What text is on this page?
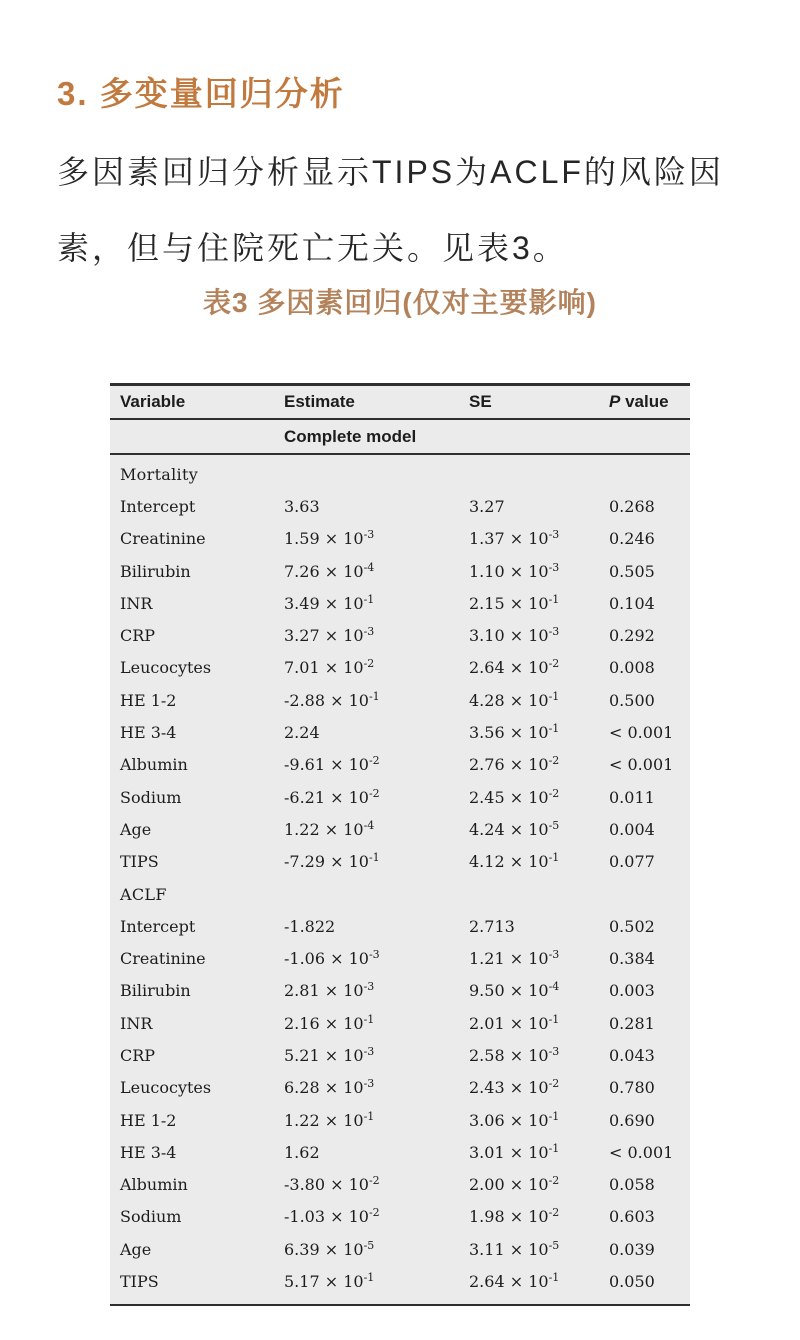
3. 多变量回归分析

多因素回归分析显示TIPS为ACLF的风险因素，但与住院死亡无关。见表3。

表3 多因素回归(仅对主要影响)
Variable	Estimate	SE	P value
Complete model
Mortality
Intercept	3.63	3.27	0.268
Creatinine	$1.59 \times 10^{-3}$	$1.37 \times 10^{-3}$	0.246
Bilirubin	$7.26 \times 10^{-4}$	$1.10 \times 10^{-3}$	0.505
INR	$3.49 \times 10^{-1}$	$2.15 \times 10^{-1}$	0.104
CRP	$3.27 \times 10^{-3}$	$3.10 \times 10^{-3}$	0.292
Leucocytes	$7.01 \times 10^{-2}$	$2.64 \times 10^{-2}$	0.008
HE 1-2	$-2.88 \times 10^{-1}$	$4.28 \times 10^{-1}$	0.500
HE 3-4	2.24	$3.56 \times 10^{-1}$	< 0.001
Albumin	$-9.61 \times 10^{-2}$	$2.76 \times 10^{-2}$	< 0.001
Sodium	$-6.21 \times 10^{-2}$	$2.45 \times 10^{-2}$	0.011
Age	$1.22 \times 10^{-4}$	$4.24 \times 10^{-5}$	0.004
TIPS	$-7.29 \times 10^{-1}$	$4.12 \times 10^{-1}$	0.077
ACLF
Intercept	-1.822	2.713	0.502
Creatinine	$-1.06 \times 10^{-3}$	$1.21 \times 10^{-3}$	0.384
Bilirubin	$2.81 \times 10^{-3}$	$9.50 \times 10^{-4}$	0.003
INR	$2.16 \times 10^{-1}$	$2.01 \times 10^{-1}$	0.281
CRP	$5.21 \times 10^{-3}$	$2.58 \times 10^{-3}$	0.043
Leucocytes	$6.28 \times 10^{-3}$	$2.43 \times 10^{-2}$	0.780
HE 1-2	$1.22 \times 10^{-1}$	$3.06 \times 10^{-1}$	0.690
HE 3-4	1.62	$3.01 \times 10^{-1}$	< 0.001
Albumin	$-3.80 \times 10^{-2}$	$2.00 \times 10^{-2}$	0.058
Sodium	$-1.03 \times 10^{-2}$	$1.98 \times 10^{-2}$	0.603
Age	$6.39 \times 10^{-5}$	$3.11 \times 10^{-5}$	0.039
TIPS	$5.17 \times 10^{-1}$	$2.64 \times 10^{-1}$	0.050
